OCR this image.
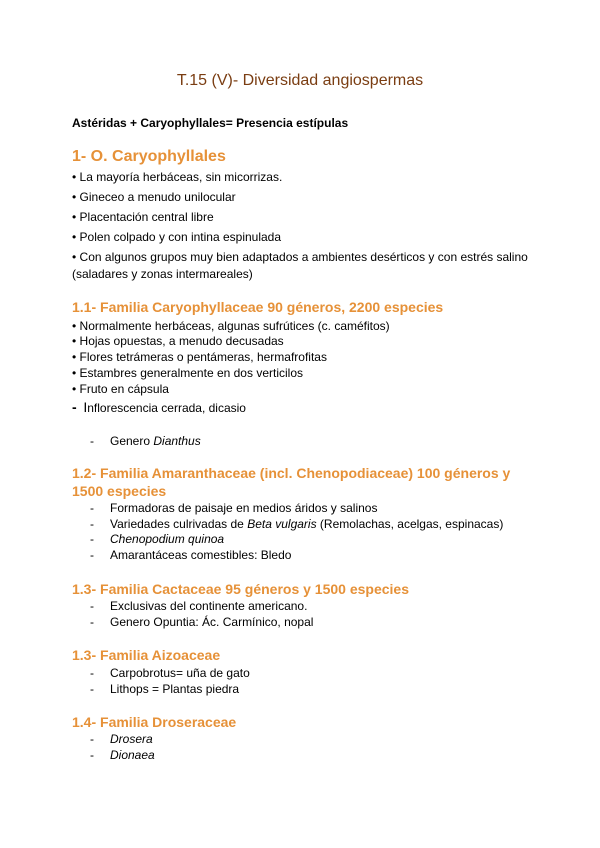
T.15 (V)- Diversidad angiospermas
Astéridas + Caryophyllales= Presencia estípulas
1- O. Caryophyllales
• La mayoría herbáceas, sin micorrizas.
• Gineceo a menudo unilocular
• Placentación central libre
• Polen colpado y con intina espinulada
• Con algunos grupos muy bien adaptados a ambientes desérticos y con estrés salino (saladares y zonas intermareales)
1.1- Familia Caryophyllaceae 90 géneros, 2200 especies
• Normalmente herbáceas, algunas sufrútices (c. caméfitos)
• Hojas opuestas, a menudo decusadas
• Flores tetrámeras o pentámeras, hermafrofitas
• Estambres generalmente en dos verticilos
• Fruto en cápsula
- Inflorescencia cerrada, dicasio
- Genero Dianthus
1.2- Familia Amaranthaceae (incl. Chenopodiaceae) 100 géneros y 1500 especies
- Formadoras de paisaje en medios áridos y salinos
- Variedades culrivadas de Beta vulgaris (Remolachas, acelgas, espinacas)
- Chenopodium quinoa
- Amarantáceas comestibles: Bledo
1.3- Familia Cactaceae 95 géneros y 1500 especies
- Exclusivas del continente americano.
- Genero Opuntia: Ác. Carmínico, nopal
1.3- Familia Aizoaceae
- Carpobrotus= uña de gato
- Lithops = Plantas piedra
1.4- Familia Droseraceae
- Drosera
- Dionaea
